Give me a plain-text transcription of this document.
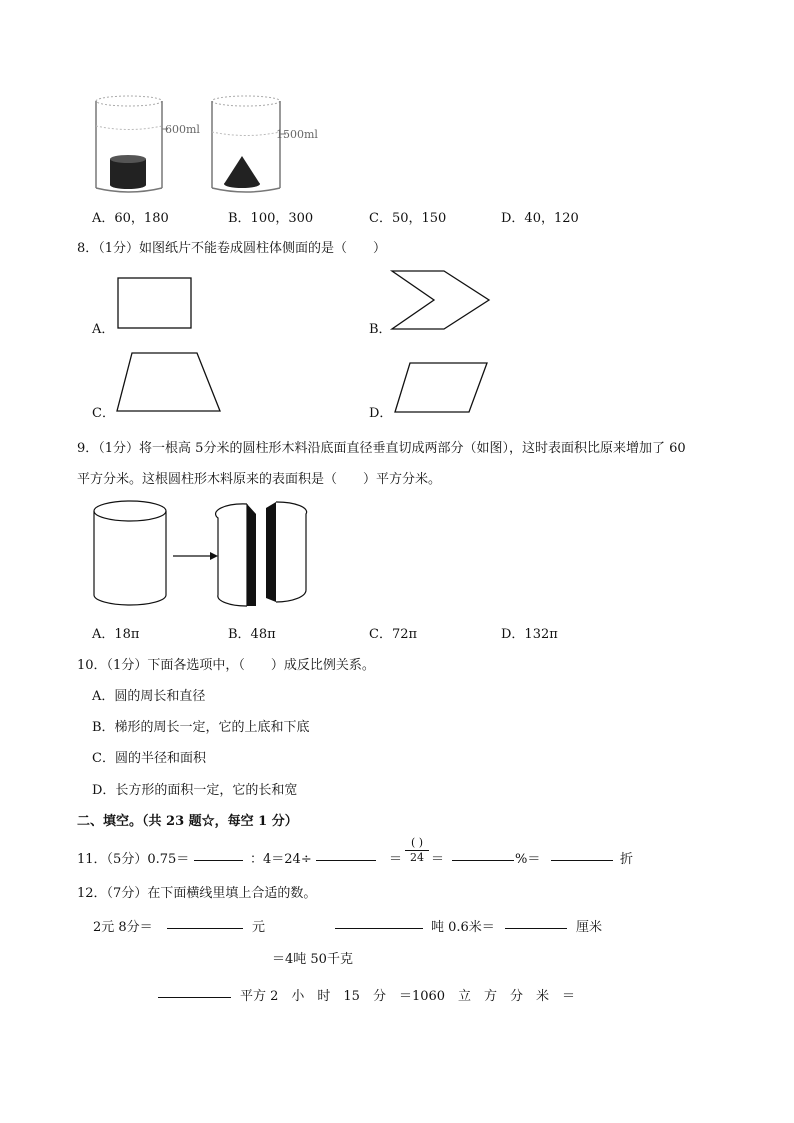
600ml	1500ml
A．60，180	B．100，300	C．50，150	D．40，120
8．（1分）如图纸片不能卷成圆柱体侧面的是（　　）
A．	B．
C．	D．
9．（1分）将一根高 5分米的圆柱形木料沿底面直径垂直切成两部分（如图），这时表面积比原来增加了 60
平方分米。这根圆柱形木料原来的表面积是（　　）平方分米。
A．18π	B．48π	C．72π	D．132π
10．（1分）下面各选项中，（　　）成反比例关系。
A．圆的周长和直径
B．梯形的周长一定，它的上底和下底
C．圆的半径和面积
D．长方形的面积一定，它的长和宽
二、填空。（共 23 题☆，每空 1 分）
11．（5分）0.75＝	：4＝24÷	＝
( )
24 ＝	%＝	折
12．（7分）在下面横线里填上合适的数。
2元 8分＝	元	吨 0.6米＝	厘米
＝4吨 50千克
平方 2　小　时　15　分　＝1060　立　方　分　米　＝
